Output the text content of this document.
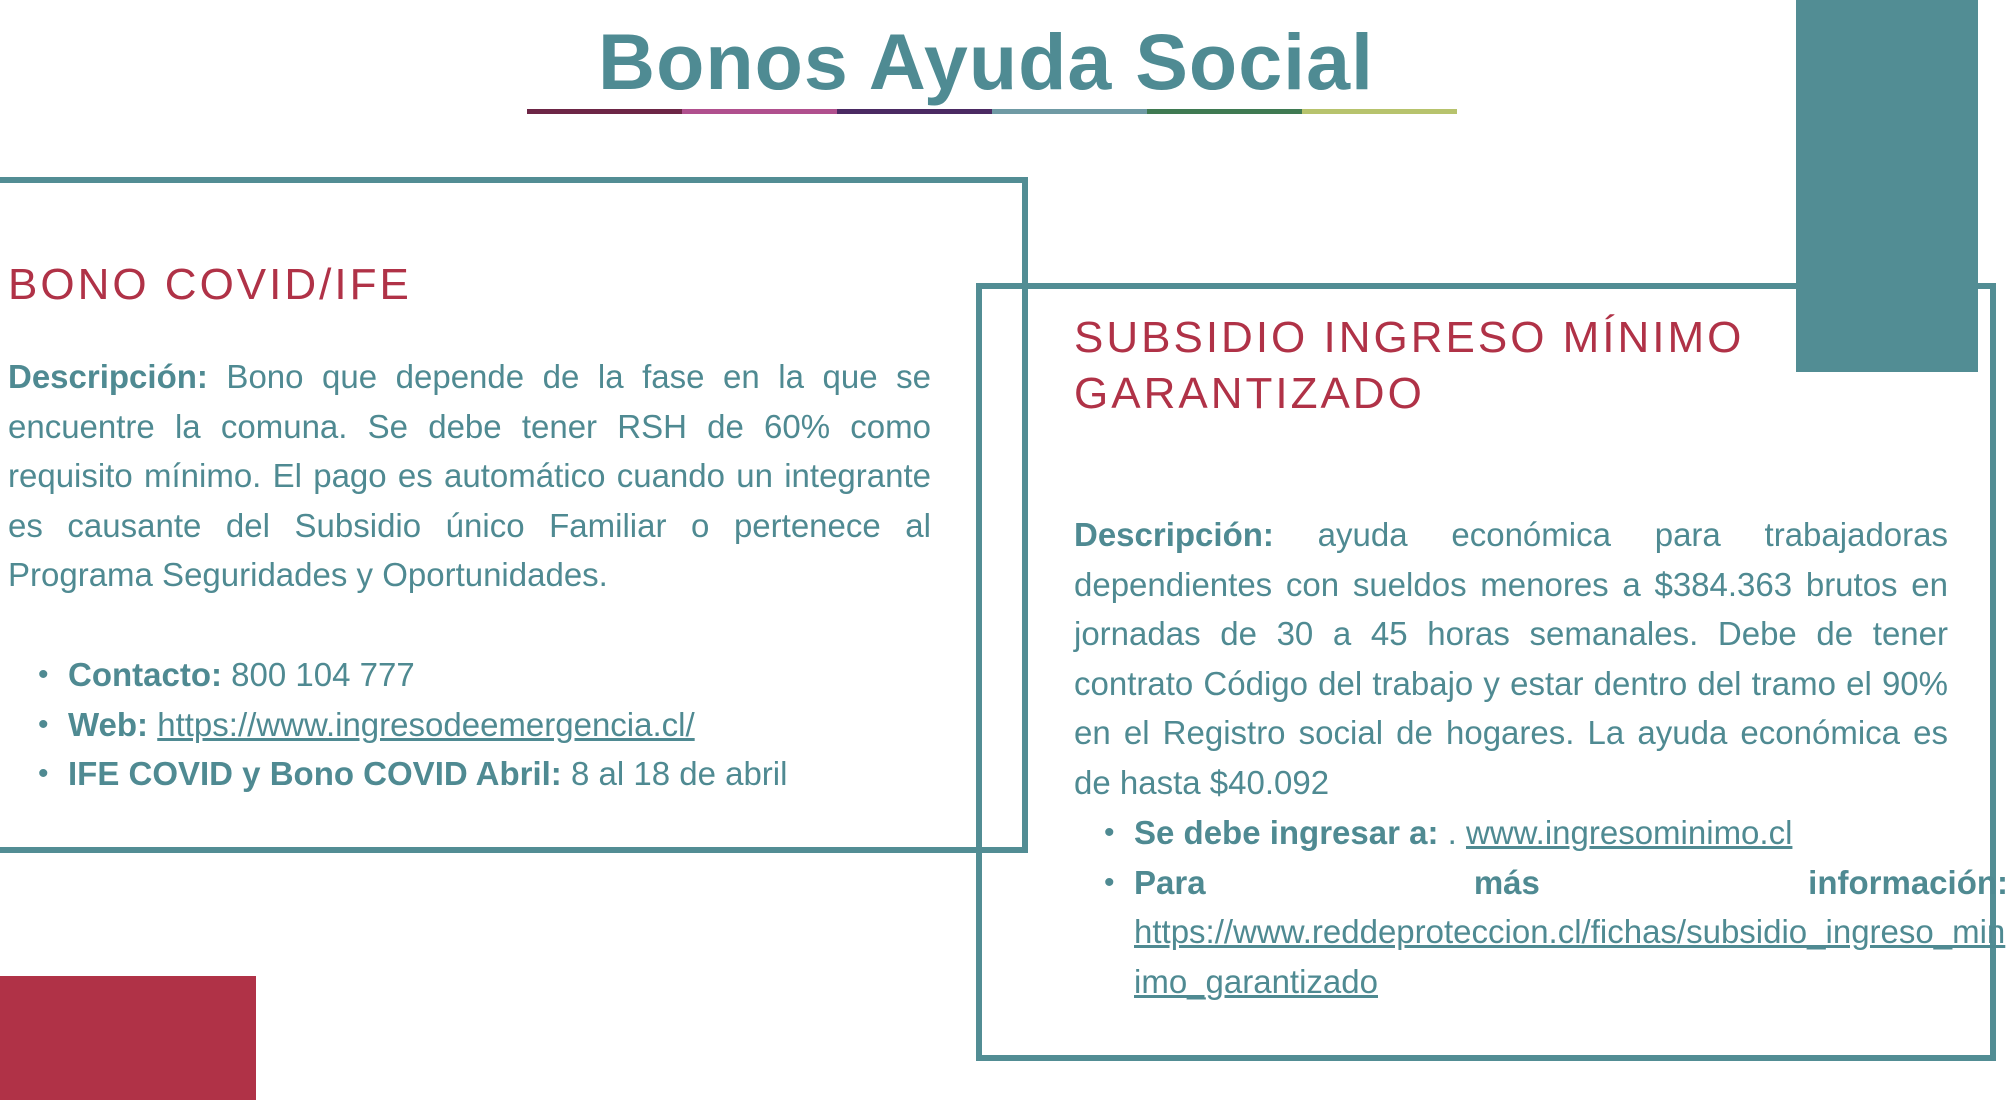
Bonos Ayuda Social
BONO COVID/IFE

Descripción: Bono que depende de la fase en la que se encuentre la comuna. Se debe tener RSH de 60% como requisito mínimo. El pago es automático cuando un integrante es causante del Subsidio único Familiar o pertenece al Programa Seguridades y Oportunidades.

• Contacto: 800 104 777
• Web: https://www.ingresodeemergencia.cl/
• IFE COVID y Bono COVID Abril: 8 al 18 de abril
SUBSIDIO INGRESO MÍNIMO
GARANTIZADO

Descripción: ayuda económica para trabajadoras dependientes con sueldos menores a $384.363 brutos en jornadas de 30 a 45 horas semanales. Debe de tener contrato Código del trabajo y estar dentro del tramo el 90% en el Registro social de hogares. La ayuda económica es de hasta $40.092

• Se debe ingresar a: . www.ingresominimo.cl
• Para	más	información:
https://www.reddeproteccion.cl/fichas/subsidio_ingreso_minimo_garantizado
